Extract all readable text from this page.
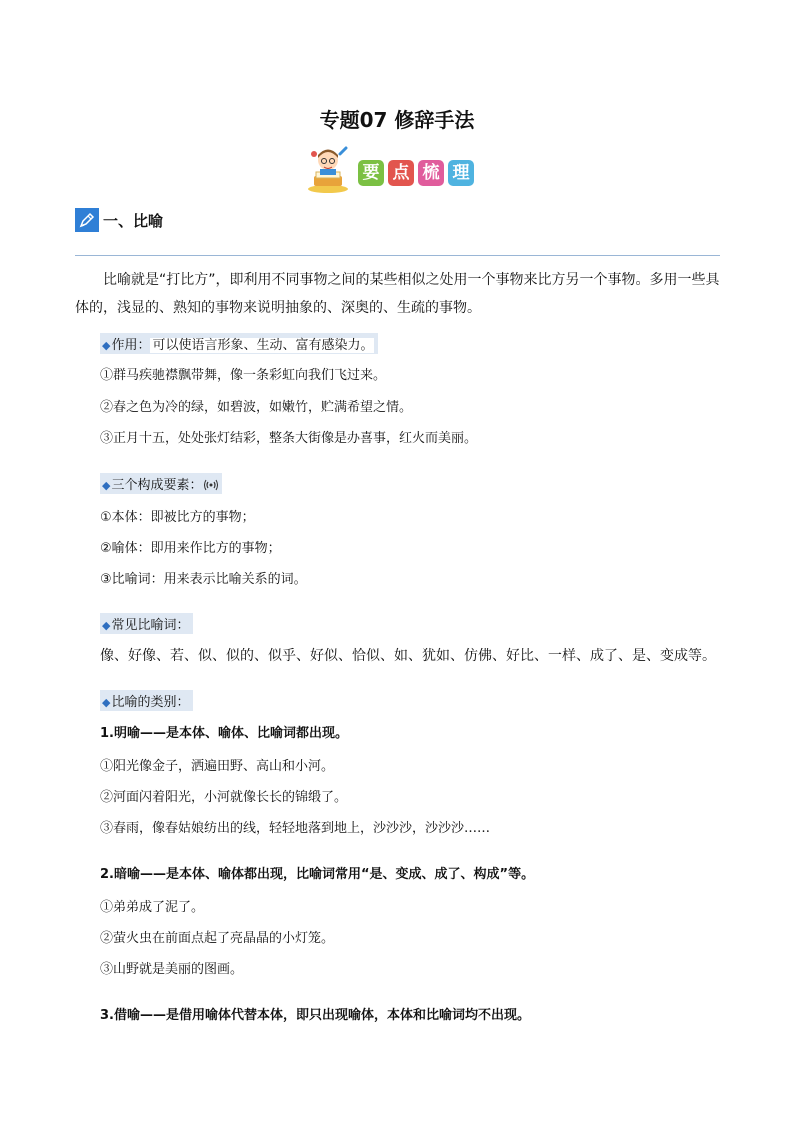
专题07 修辞手法
要 点 梳 理
一、比喻
比喻就是“打比方”，即利用不同事物之间的某些相似之处用一个事物来比方另一个事物。多用一些具体的，浅显的、熟知的事物来说明抽象的、深奥的、生疏的事物。
◆作用： 可以使语言形象、生动、富有感染力。
①群马疾驰襟飘带舞，像一条彩虹向我们飞过来。
②春之色为冷的绿，如碧波，如嫩竹，贮满希望之情。
③正月十五，处处张灯结彩，整条大街像是办喜事，红火而美丽。
◆三个构成要素：
①本体：即被比方的事物；
②喻体：即用来作比方的事物；
③比喻词：用来表示比喻关系的词。
◆常见比喻词：
像、好像、若、似、似的、似乎、好似、恰似、如、犹如、仿佛、好比、一样、成了、是、变成等。
◆比喻的类别：
1.明喻——是本体、喻体、比喻词都出现。
①阳光像金子，洒遍田野、高山和小河。
②河面闪着阳光，小河就像长长的锦缎了。
③春雨，像春姑娘纺出的线，轻轻地落到地上，沙沙沙，沙沙沙……
2.暗喻——是本体、喻体都出现，比喻词常用“是、变成、成了、构成”等。
①弟弟成了泥了。
②萤火虫在前面点起了亮晶晶的小灯笼。
③山野就是美丽的图画。
3.借喻——是借用喻体代替本体，即只出现喻体，本体和比喻词均不出现。
